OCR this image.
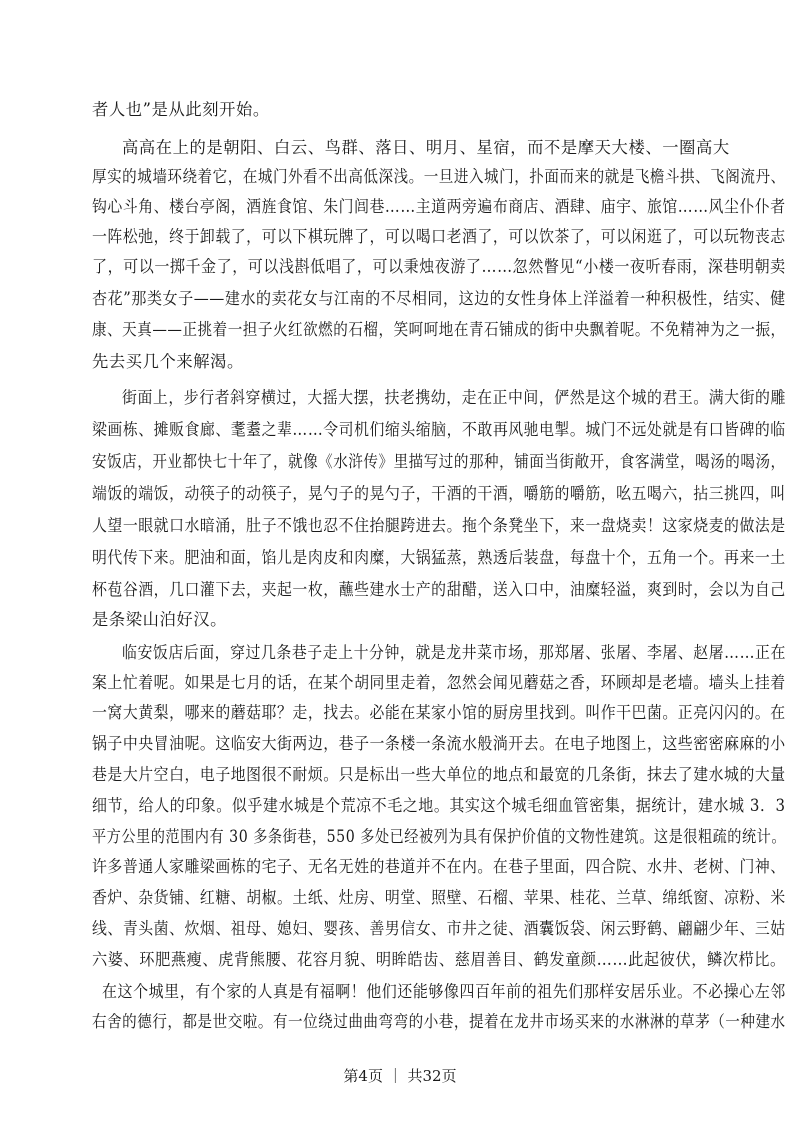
者人也”是从此刻开始。
高高在上的是朝阳、白云、鸟群、落日、明月、星宿，而不是摩天大楼、一圈高大
厚实的城墙环绕着它，在城门外看不出高低深浅。一旦进入城门，扑面而来的就是飞檐斗拱、飞阁流丹、
钩心斗角、楼台亭阁，酒旌食馆、朱门闾巷……主道两旁遍布商店、酒肆、庙宇、旅馆……风尘仆仆者
一阵松弛，终于卸载了，可以下棋玩牌了，可以喝口老酒了，可以饮茶了，可以闲逛了，可以玩物丧志
了，可以一掷千金了，可以浅斟低唱了，可以秉烛夜游了……忽然瞥见“小楼一夜听春雨，深巷明朝卖
杏花”那类女子——建水的卖花女与江南的不尽相同，这边的女性身体上洋溢着一种积极性，结实、健
康、天真——正挑着一担子火红欲燃的石榴，笑呵呵地在青石铺成的街中央飘着呢。不免精神为之一振，
先去买几个来解渴。
街面上，步行者斜穿横过，大摇大摆，扶老携幼，走在正中间，俨然是这个城的君王。满大街的雕
梁画栋、摊贩食廊、耄耋之辈……令司机们缩头缩脑，不敢再风驰电掣。城门不远处就是有口皆碑的临
安饭店，开业都快七十年了，就像《水浒传》里描写过的那种，铺面当街敞开，食客满堂，喝汤的喝汤，
端饭的端饭，动筷子的动筷子，晃勺子的晃勺子，干酒的干酒，嚼筋的嚼筋，吆五喝六，拈三挑四，叫
人望一眼就口水暗涌，肚子不饿也忍不住抬腿跨进去。拖个条凳坐下，来一盘烧卖！这家烧麦的做法是
明代传下来。肥油和面，馅儿是肉皮和肉糜，大锅猛蒸，熟透后装盘，每盘十个，五角一个。再来一土
杯苞谷酒，几口灌下去，夹起一枚，蘸些建水士产的甜醋，送入口中，油糜轻溢，爽到时，会以为自己
是条梁山泊好汉。
临安饭店后面，穿过几条巷子走上十分钟，就是龙井菜市场，那郑屠、张屠、李屠、赵屠……正在
案上忙着呢。如果是七月的话，在某个胡同里走着，忽然会闻见蘑菇之香，环顾却是老墙。墙头上挂着
一窝大黄梨，哪来的蘑菇耶？走，找去。必能在某家小馆的厨房里找到。叫作干巴菌。正亮闪闪的。在
锅子中央冒油呢。这临安大街两边，巷子一条楼一条流水般淌开去。在电子地图上，这些密密麻麻的小
巷是大片空白，电子地图很不耐烦。只是标出一些大单位的地点和最宽的几条街，抹去了建水城的大量
细节，给人的印象。似乎建水城是个荒凉不毛之地。其实这个城毛细血管密集，据统计，建水城 3．3
平方公里的范围内有 30 多条街巷，550 多处已经被列为具有保护价值的文物性建筑。这是很粗疏的统计。
许多普通人家雕梁画栋的宅子、无名无姓的巷道并不在内。在巷子里面，四合院、水井、老树、门神、
香炉、杂货铺、红糖、胡椒。土纸、灶房、明堂、照壁、石榴、苹果、桂花、兰草、绵纸窗、凉粉、米
线、青头菌、炊烟、祖母、媳妇、婴孩、善男信女、市井之徒、酒囊饭袋、闲云野鹤、翩翩少年、三姑
六婆、环肥燕瘦、虎背熊腰、花容月貌、明眸皓齿、慈眉善目、鹤发童颜……此起彼伏，鳞次栉比。
在这个城里，有个家的人真是有福啊！他们还能够像四百年前的祖先们那样安居乐业。不必操心左邻
右舍的德行，都是世交啦。有一位绕过曲曲弯弯的小巷，提着在龙井市场买来的水淋淋的草茅（一种建水
第4页 ｜ 共32页
